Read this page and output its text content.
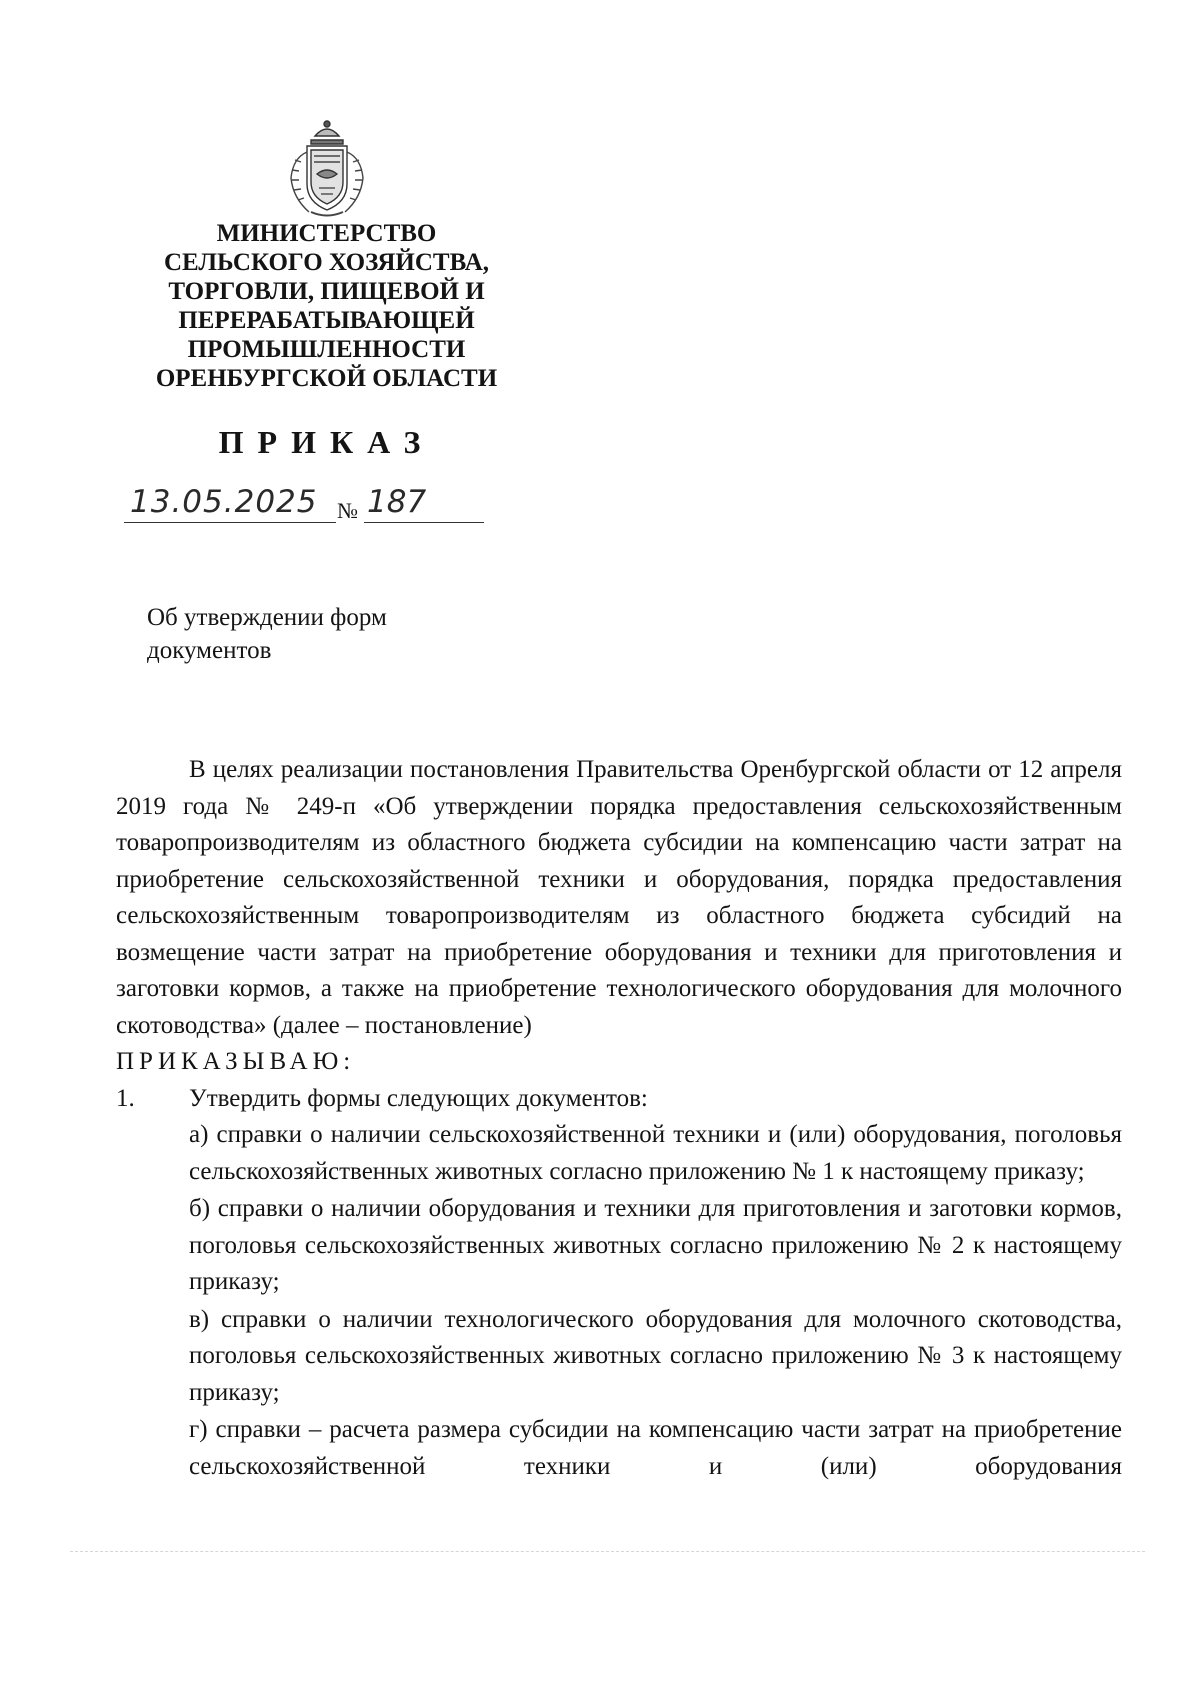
МИНИСТЕРСТВО
СЕЛЬСКОГО ХОЗЯЙСТВА,
ТОРГОВЛИ, ПИЩЕВОЙ И
ПЕРЕРАБАТЫВАЮЩЕЙ
ПРОМЫШЛЕННОСТИ
ОРЕНБУРГСКОЙ ОБЛАСТИ
ПРИКАЗ
13.05.2025 № 187
Об утверждении форм
документов

В целях реализации постановления Правительства Оренбургской области от 12 апреля 2019 года № 249-п «Об утверждении порядка предоставления сельскохозяйственным товаропроизводителям из областного бюджета субсидии на компенсацию части затрат на приобретение сельскохозяйственной техники и оборудования, порядка предоставления сельскохозяйственным товаропроизводителям из областного бюджета субсидий на возмещение части затрат на приобретение оборудования и техники для приготовления и заготовки кормов, а также на приобретение технологического оборудования для молочного скотоводства» (далее – постановление)

ПРИКАЗЫВАЮ:

1.	Утвердить формы следующих документов:

а) справки о наличии сельскохозяйственной техники и (или) оборудования, поголовья сельскохозяйственных животных согласно приложению № 1 к настоящему приказу;

б) справки о наличии оборудования и техники для приготовления и заготовки кормов, поголовья сельскохозяйственных животных согласно приложению № 2 к настоящему приказу;

в) справки о наличии технологического оборудования для молочного скотоводства, поголовья сельскохозяйственных животных согласно приложению № 3 к настоящему приказу;

г) справки – расчета размера субсидии на компенсацию части затрат на приобретение сельскохозяйственной техники и (или) оборудования
